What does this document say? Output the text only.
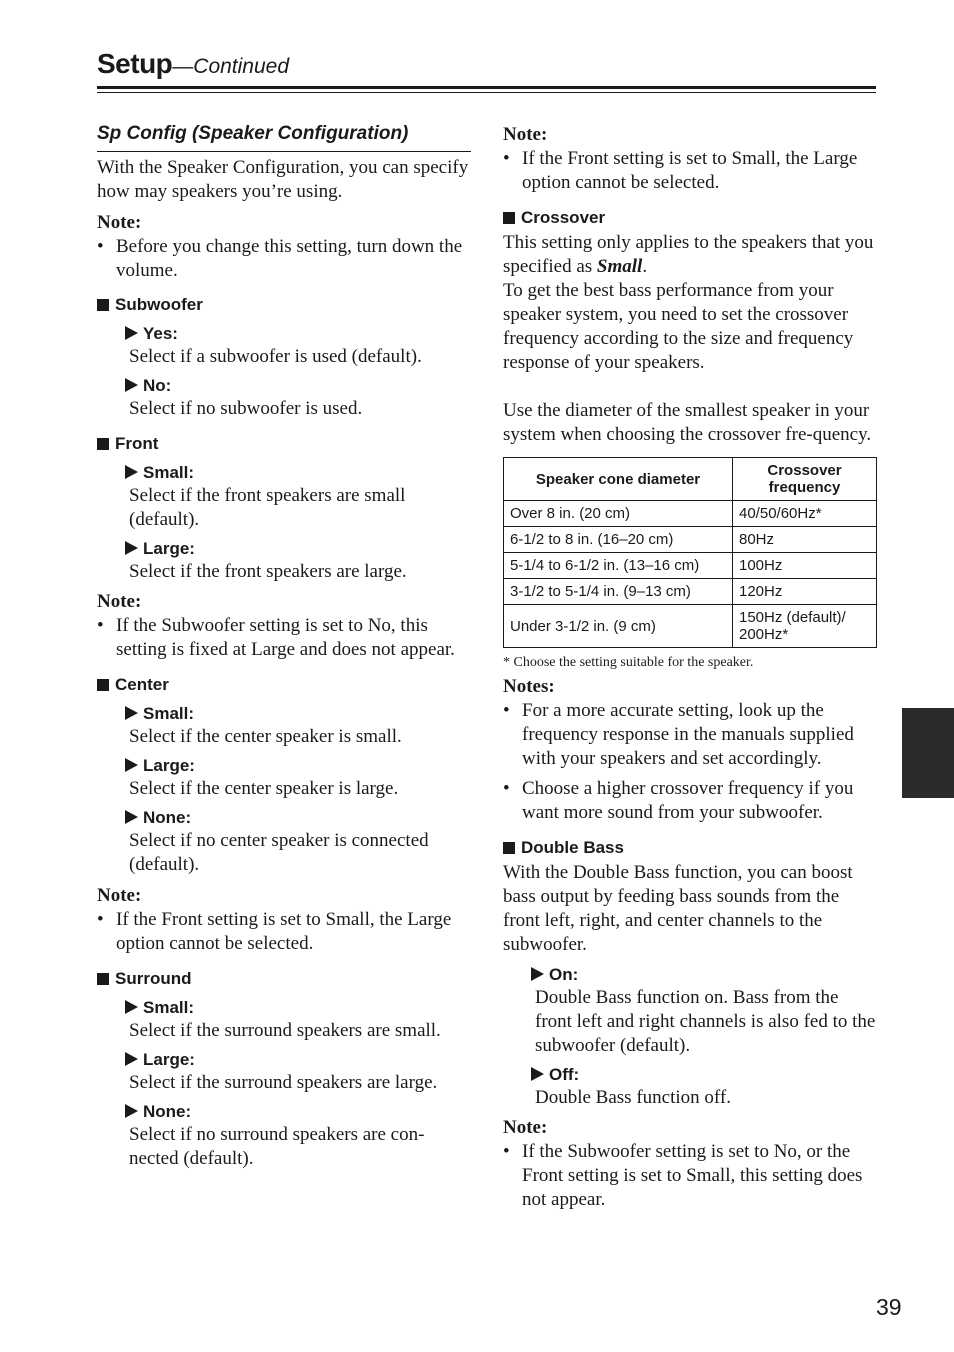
Setup—Continued
Sp Config (Speaker Configuration)

With the Speaker Configuration, you can specify how may speakers you’re using.

Note:
• Before you change this setting, turn down the volume.
Subwoofer
Yes:

Select if a subwoofer is used (default).

No:

Select if no subwoofer is used.

Front
Small:

Select if the front speakers are small (default).

Large:

Select if the front speakers are large.

Note:
• If the Subwoofer setting is set to No, this setting is fixed at Large and does not appear.
Center
Small:

Select if the center speaker is small.

Large:

Select if the center speaker is large.

None:

Select if no center speaker is connected (default).

Note:
• If the Front setting is set to Small, the Large option cannot be selected.
Surround
Small:

Select if the surround speakers are small.

Large:

Select if the surround speakers are large.

None:

Select if no surround speakers are con-nected (default).

Note:
• If the Front setting is set to Small, the Large option cannot be selected.
Crossover

This setting only applies to the speakers that you specified as Small.

To get the best bass performance from your speaker system, you need to set the crossover frequency according to the size and frequency response of your speakers.

Use the diameter of the smallest speaker in your system when choosing the crossover fre-quency.

Speaker cone diameter	Crossover frequency
Over 8 in. (20 cm)	40/50/60Hz*
6-1/2 to 8 in. (16–20 cm)	80Hz
5-1/4 to 6-1/2 in. (13–16 cm)	100Hz
3-1/2 to 5-1/4 in. (9–13 cm)	120Hz
Under 3-1/2 in. (9 cm)	150Hz (default)/ 200Hz*
* Choose the setting suitable for the speaker.
Notes:
• For a more accurate setting, look up the frequency response in the manuals supplied with your speakers and set accordingly.
• Choose a higher crossover frequency if you want more sound from your subwoofer.
Double Bass

With the Double Bass function, you can boost bass output by feeding bass sounds from the front left, right, and center channels to the subwoofer.

On:

Double Bass function on. Bass from the front left and right channels is also fed to the subwoofer (default).

Off:

Double Bass function off.

Note:
• If the Subwoofer setting is set to No, or the Front setting is set to Small, this setting does not appear.
39
